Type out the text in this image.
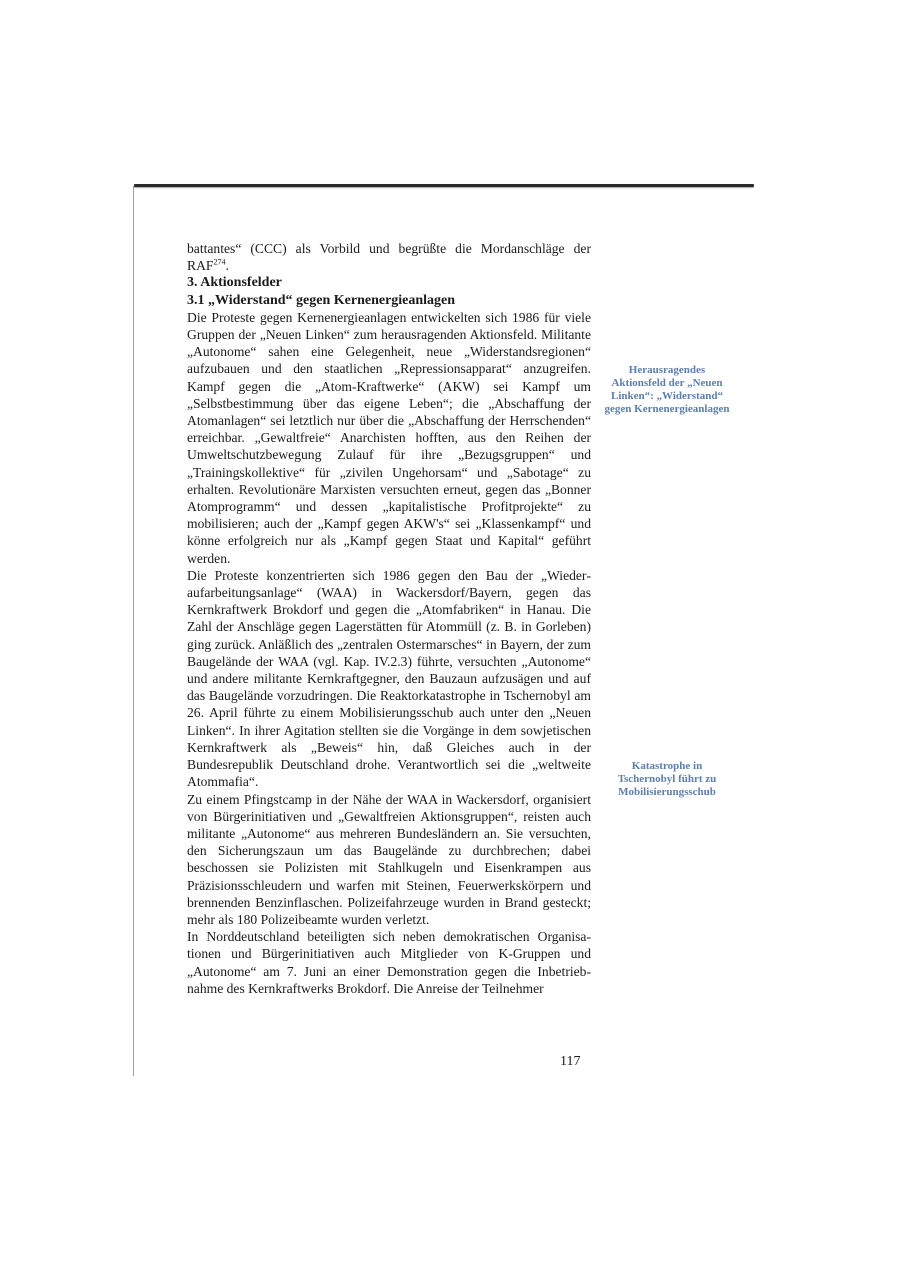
battantes“ (CCC) als Vorbild und begrüßte die Mordanschläge der RAF$^{274}$.

3. Aktionsfelder

3.1 „Widerstand“ gegen Kernenergieanlagen

Die Proteste gegen Kernenergieanlagen entwickelten sich 1986 für viele Gruppen der „Neuen Linken“ zum herausragenden Aktionsfeld. Militante „Autonome“ sahen eine Gelegenheit, neue „Widerstandsregionen“ aufzubauen und den staatlichen „Repressionsapparat“ anzugreifen. Kampf gegen die „Atom-Kraftwerke“ (AKW) sei Kampf um „Selbstbestimmung über das eigene Leben“; die „Abschaffung der Atomanlagen“ sei letztlich nur über die „Abschaffung der Herrschenden“ erreichbar. „Gewaltfreie“ Anarchisten hofften, aus den Reihen der Umweltschutzbewegung Zulauf für ihre „Bezugsgruppen“ und „Trainingskollektive“ für „zivilen Ungehorsam“ und „Sabotage“ zu erhalten. Revolutionäre Marxisten versuchten erneut, gegen das „Bonner Atomprogramm“ und dessen „kapitalistische Profitprojekte“ zu mobilisieren; auch der „Kampf gegen AKW's“ sei „Klassenkampf“ und könne erfolgreich nur als „Kampf gegen Staat und Kapital“ geführt werden.

Die Proteste konzentrierten sich 1986 gegen den Bau der „Wiederaufarbeitungsanlage“ (WAA) in Wackersdorf/Bayern, gegen das Kernkraftwerk Brokdorf und gegen die „Atomfabriken“ in Hanau. Die Zahl der Anschläge gegen Lagerstätten für Atommüll (z. B. in Gorleben) ging zurück. Anläßlich des „zentralen Ostermarsches“ in Bayern, der zum Baugelände der WAA (vgl. Kap. IV.2.3) führte, versuchten „Autonome“ und andere militante Kernkraftgegner, den Bauzaun aufzusägen und auf das Baugelände vorzudringen. Die Reaktorkatastrophe in Tschernobyl am 26. April führte zu einem Mobilisierungsschub auch unter den „Neuen Linken“. In ihrer Agitation stellten sie die Vorgänge in dem sowjetischen Kernkraftwerk als „Beweis“ hin, daß Gleiches auch in der Bundesrepublik Deutschland drohe. Verantwortlich sei die „weltweite Atommafia“.

Zu einem Pfingstcamp in der Nähe der WAA in Wackersdorf, organisiert von Bürgerinitiativen und „Gewaltfreien Aktionsgruppen“, reisten auch militante „Autonome“ aus mehreren Bundesländern an. Sie versuchten, den Sicherungszaun um das Baugelände zu durchbrechen; dabei beschossen sie Polizisten mit Stahlkugeln und Eisenkrampen aus Präzisionsschleudern und warfen mit Steinen, Feuerwerkskörpern und brennenden Benzinflaschen. Polizeifahrzeuge wurden in Brand gesteckt; mehr als 180 Polizeibeamte wurden verletzt.

In Norddeutschland beteiligten sich neben demokratischen Organisationen und Bürgerinitiativen auch Mitglieder von K-Gruppen und „Autonome“ am 7. Juni an einer Demonstration gegen die Inbetriebnahme des Kernkraftwerks Brokdorf. Die Anreise der Teilnehmer

Herausragendes Aktionsfeld der „Neuen Linken“: „Widerstand“ gegen Kernenergieanlagen
Katastrophe in Tschernobyl führt zu Mobilisierungsschub
117
